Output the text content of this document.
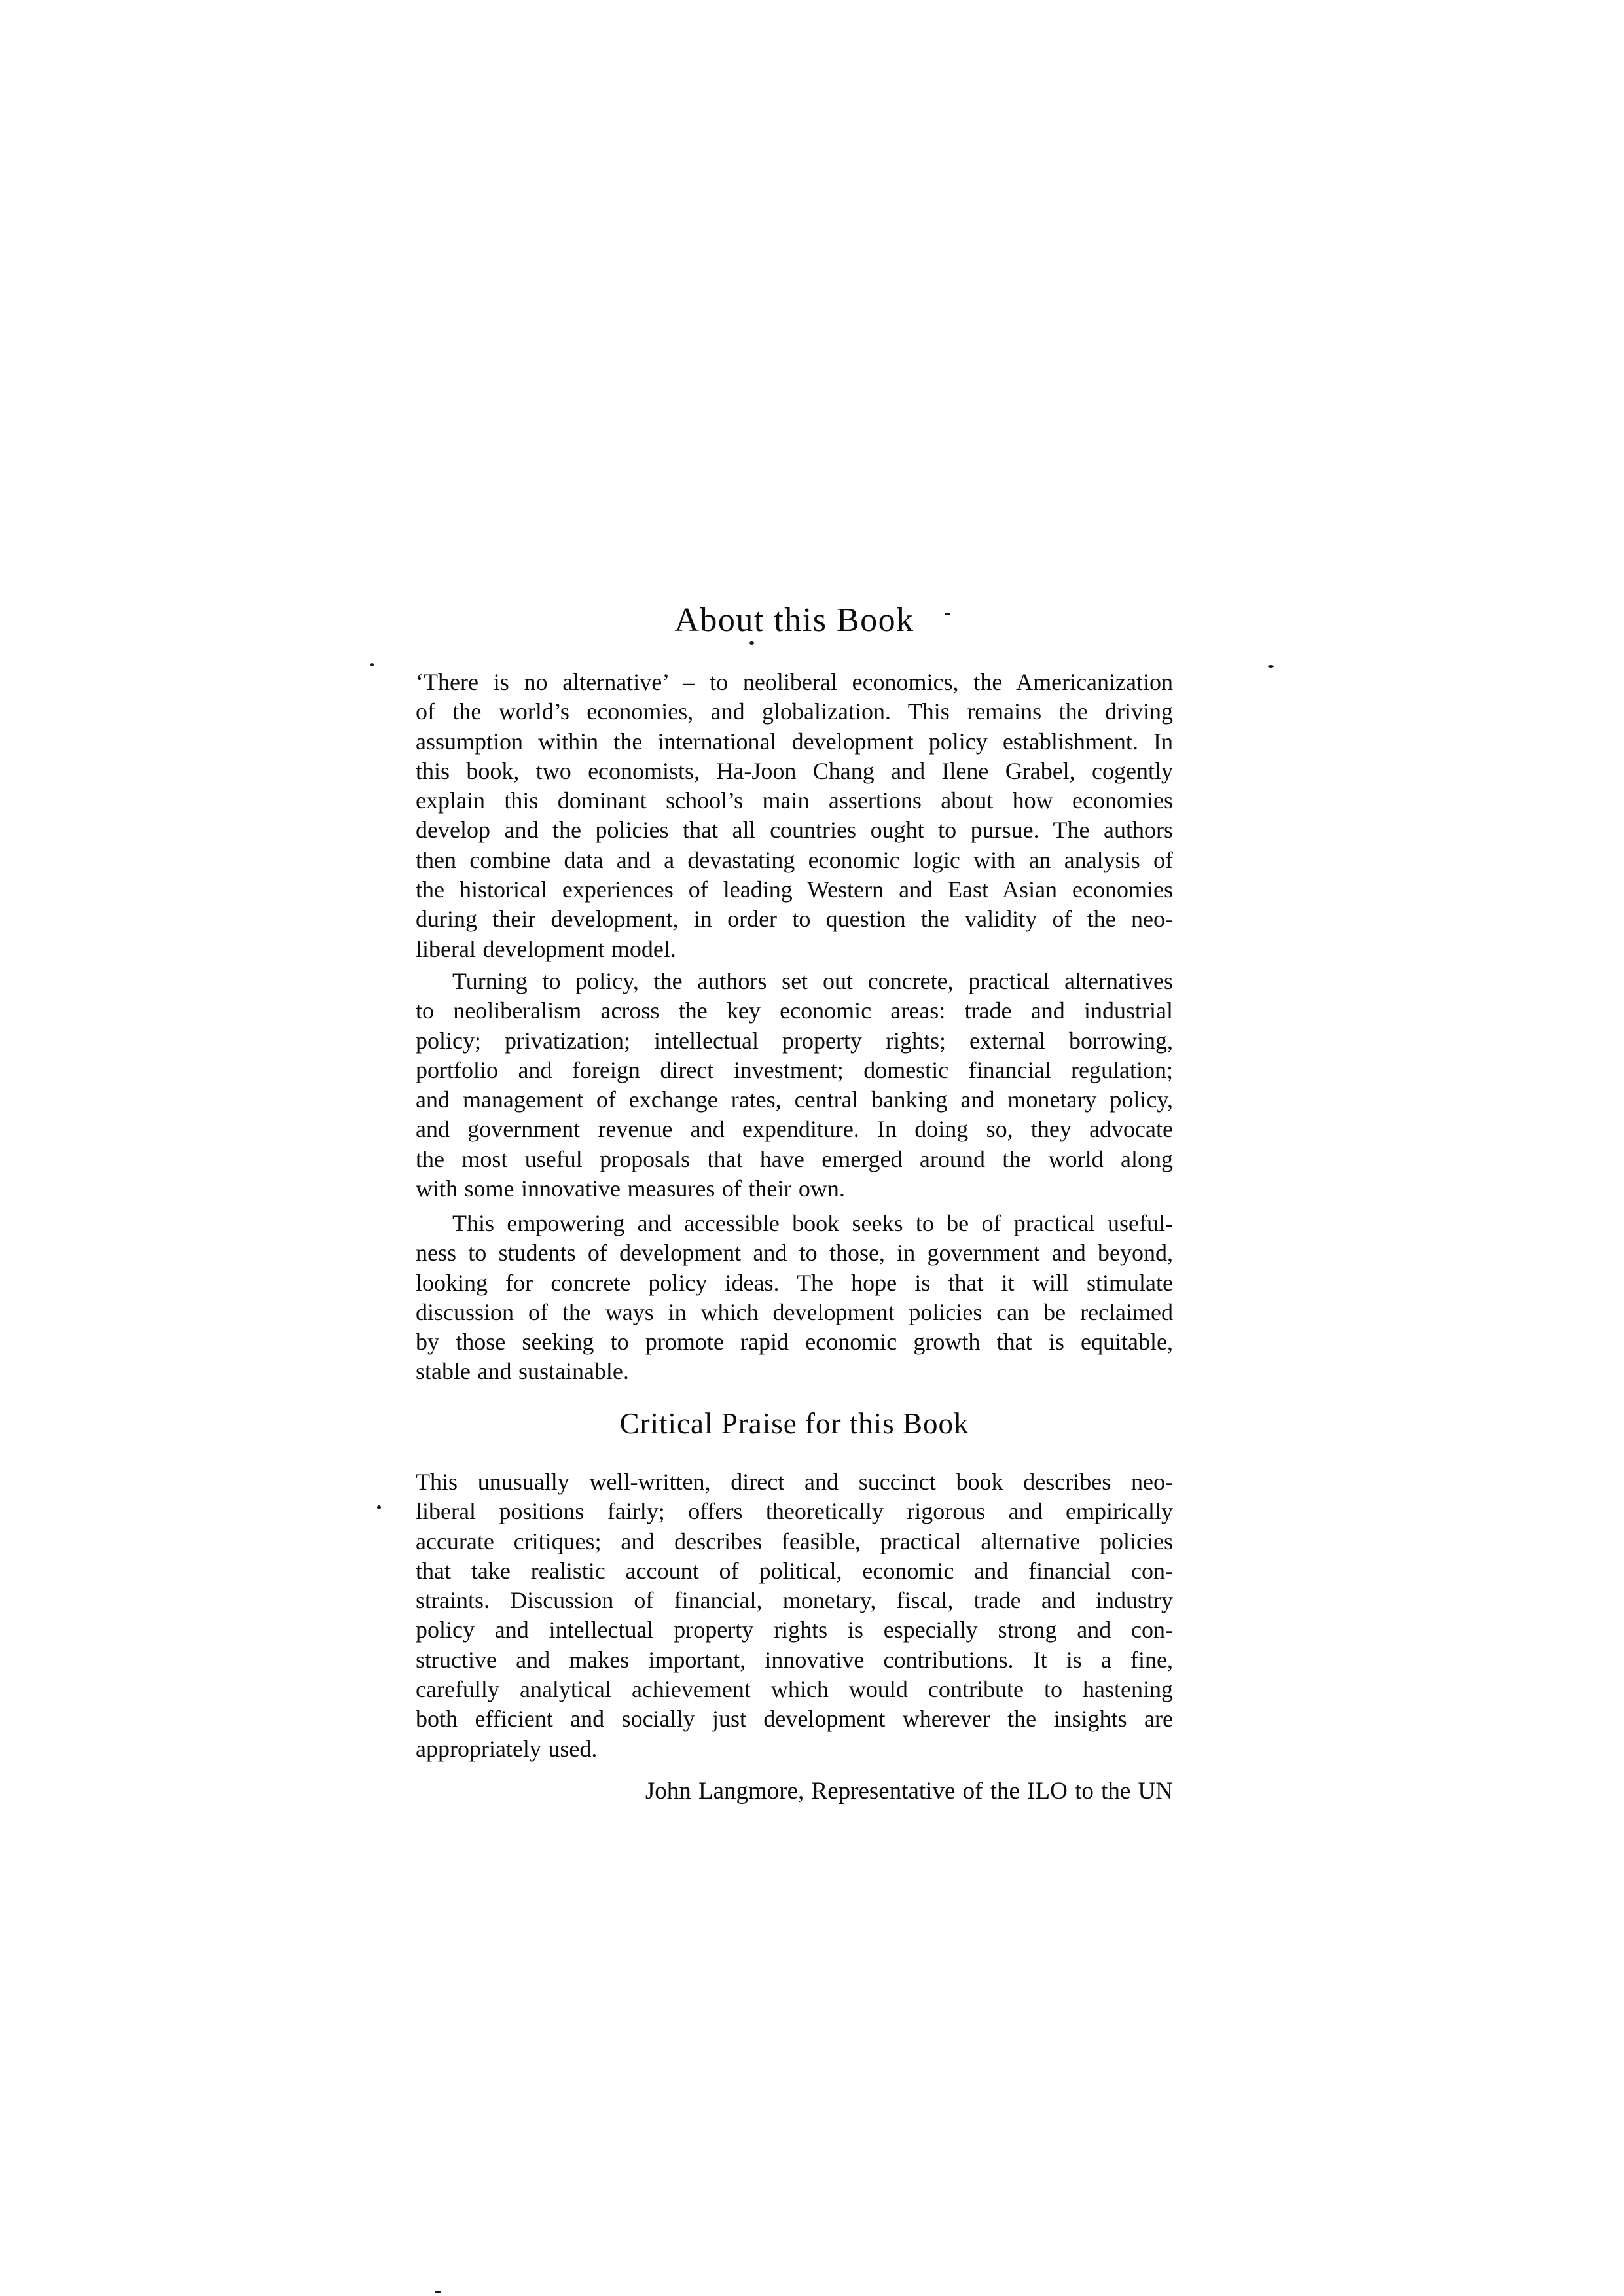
About this Book
‘There is no alternative’ – to neoliberal economics, the Americanization
of the world’s economies, and globalization. This remains the driving
assumption within the international development policy establishment. In
this book, two economists, Ha-Joon Chang and Ilene Grabel, cogently
explain this dominant school’s main assertions about how economies
develop and the policies that all countries ought to pursue. The authors
then combine data and a devastating economic logic with an analysis of
the historical experiences of leading Western and East Asian economies
during their development, in order to question the validity of the neo-
liberal development model.
Turning to policy, the authors set out concrete, practical alternatives
to neoliberalism across the key economic areas: trade and industrial
policy; privatization; intellectual property rights; external borrowing,
portfolio and foreign direct investment; domestic financial regulation;
and management of exchange rates, central banking and monetary policy,
and government revenue and expenditure. In doing so, they advocate
the most useful proposals that have emerged around the world along
with some innovative measures of their own.
This empowering and accessible book seeks to be of practical useful-
ness to students of development and to those, in government and beyond,
looking for concrete policy ideas. The hope is that it will stimulate
discussion of the ways in which development policies can be reclaimed
by those seeking to promote rapid economic growth that is equitable,
stable and sustainable.
Critical Praise for this Book
This unusually well-written, direct and succinct book describes neo-
liberal positions fairly; offers theoretically rigorous and empirically
accurate critiques; and describes feasible, practical alternative policies
that take realistic account of political, economic and financial con-
straints. Discussion of financial, monetary, fiscal, trade and industry
policy and intellectual property rights is especially strong and con-
structive and makes important, innovative contributions. It is a fine,
carefully analytical achievement which would contribute to hastening
both efficient and socially just development wherever the insights are
appropriately used.
John Langmore, Representative of the ILO to the UN
